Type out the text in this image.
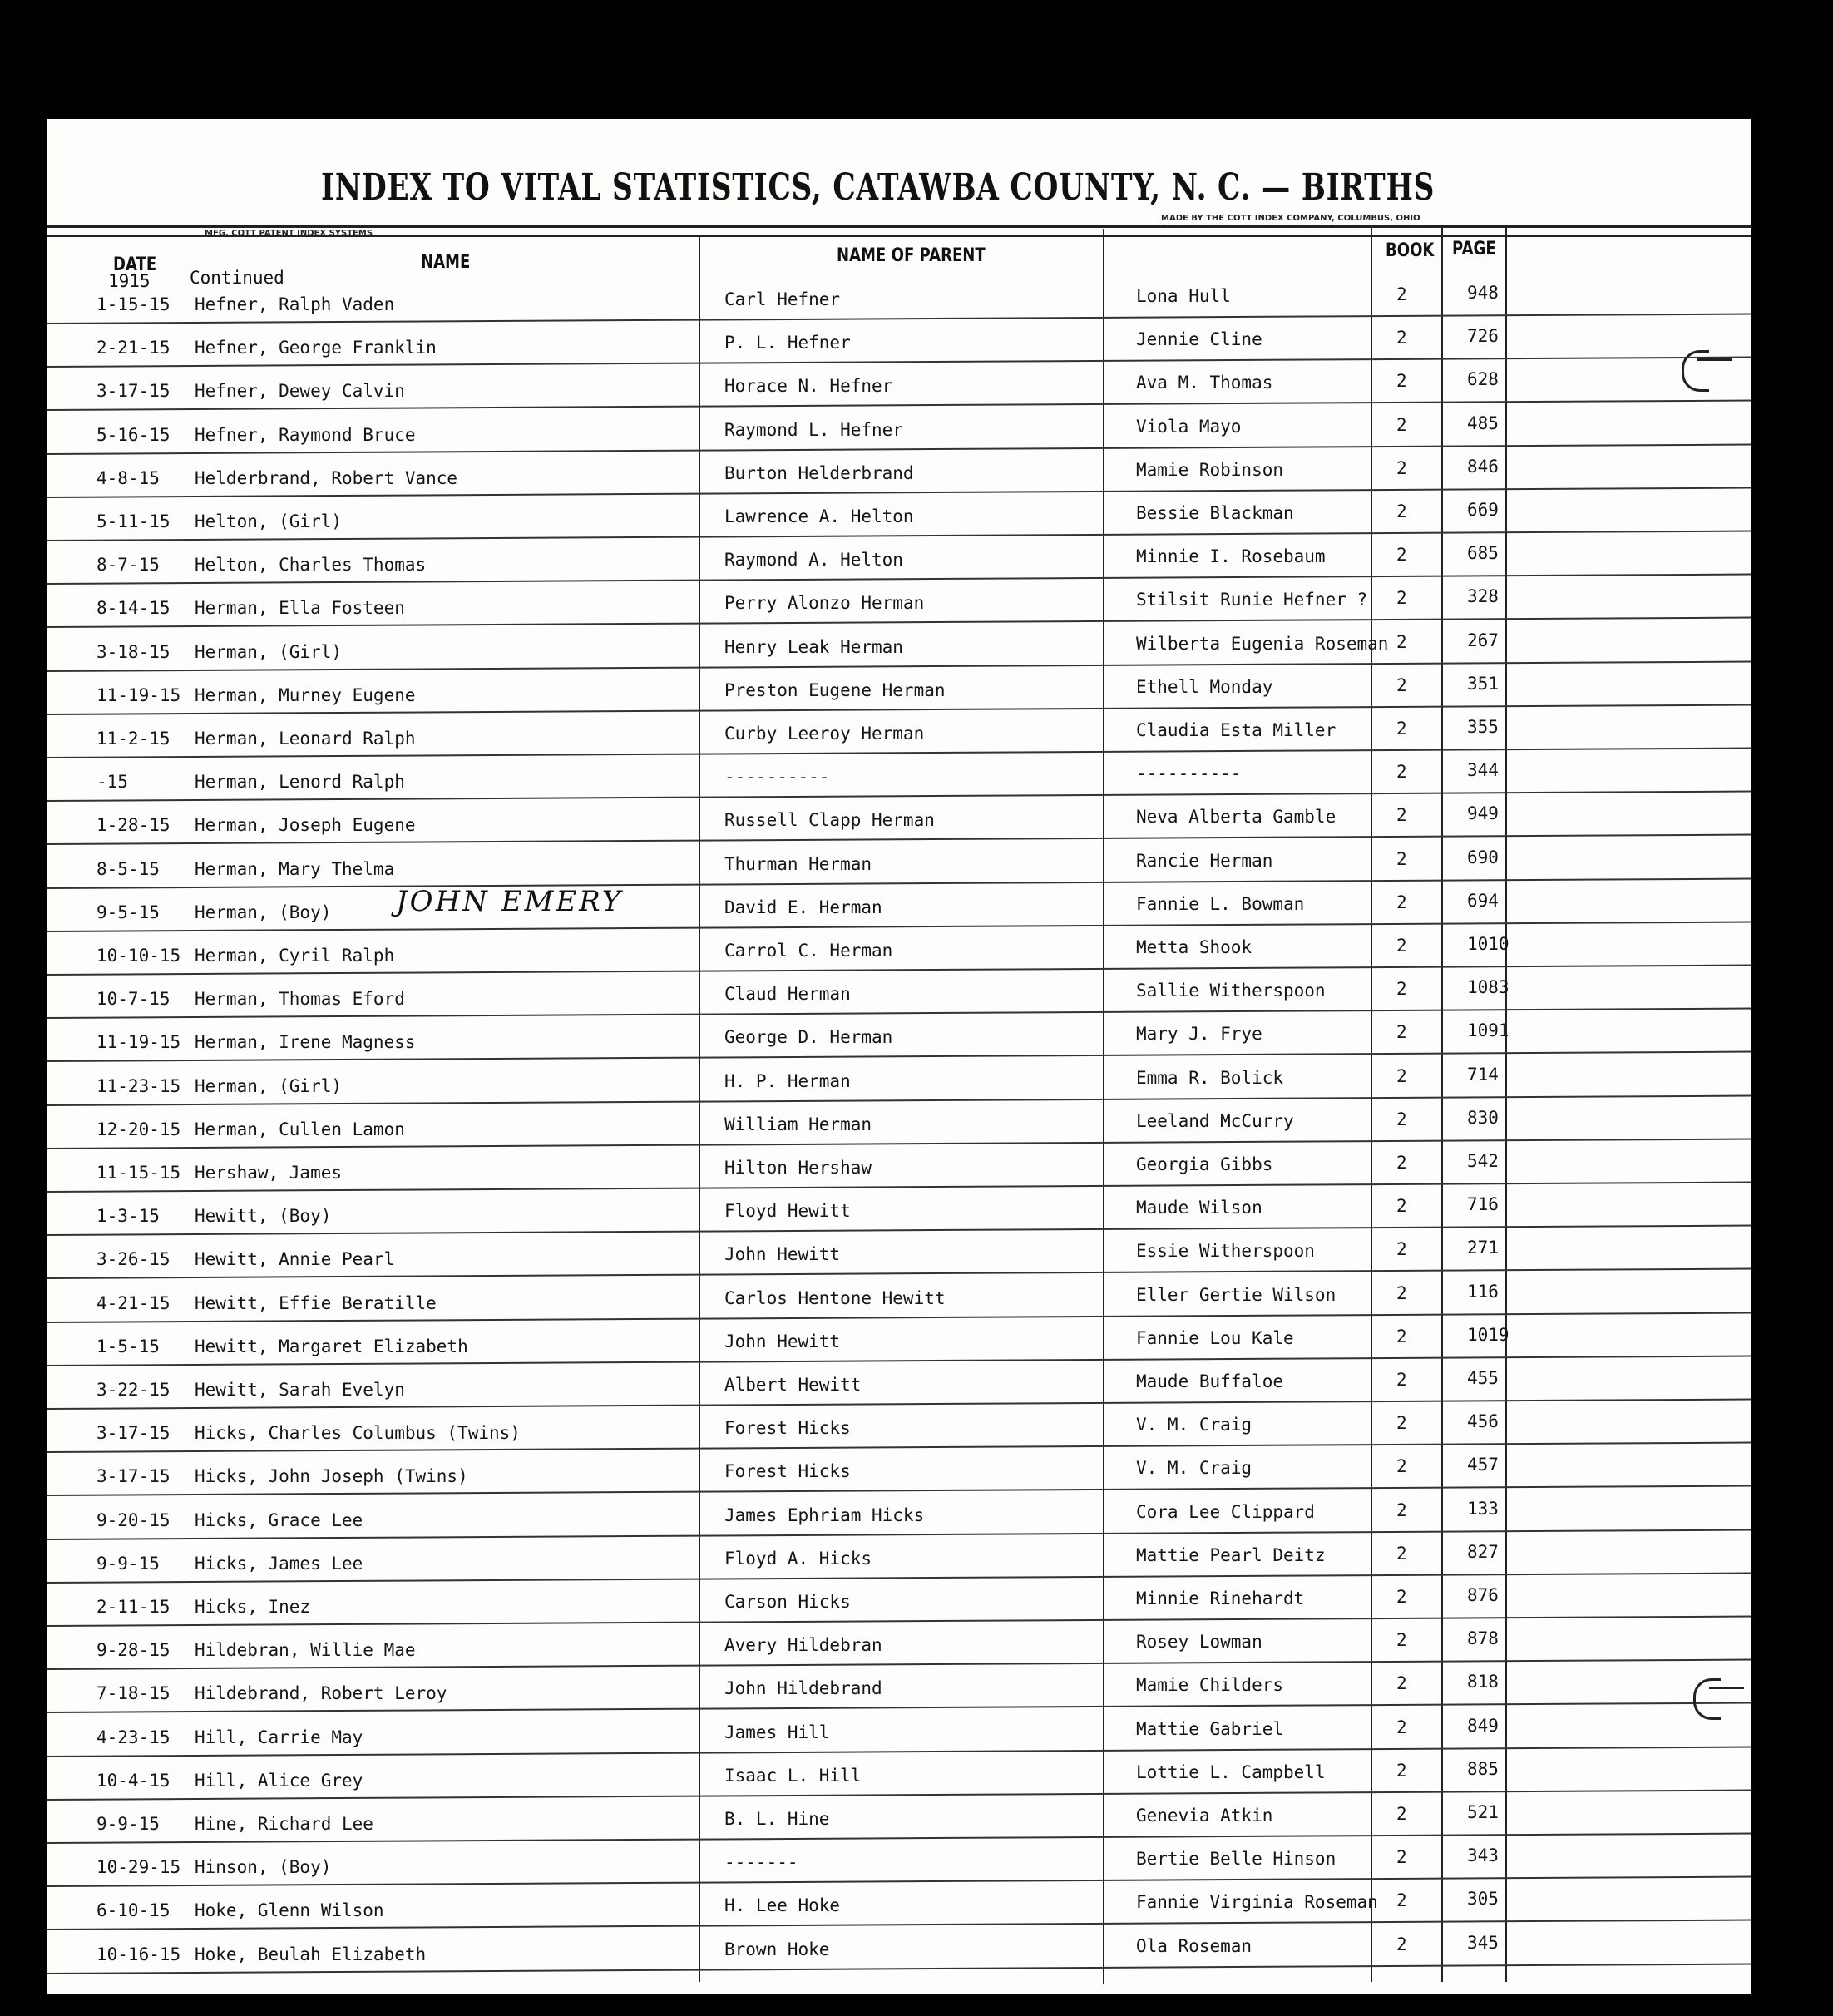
INDEX TO VITAL STATISTICS, CATAWBA COUNTY, N. C. — BIRTHS
MFG. COTT PATENT INDEX SYSTEMS
MADE BY THE COTT INDEX COMPANY, COLUMBUS, OHIO
DATE	NAME	NAME OF PARENT	BOOK PAGE
1915 Continued
1-15-15 Hefner, Ralph Vaden	Carl Hefner	Lona Hull	2	948
2-21-15 Hefner, George Franklin	P. L. Hefner	Jennie Cline	2	726
3-17-15 Hefner, Dewey Calvin	Horace N. Hefner	Ava M. Thomas	2	628
5-16-15 Hefner, Raymond Bruce	Raymond L. Hefner	Viola Mayo	2	485
4-8-15 Helderbrand, Robert Vance	Burton Helderbrand	Mamie Robinson	2	846
5-11-15 Helton, (Girl)	Lawrence A. Helton	Bessie Blackman	2	669
8-7-15 Helton, Charles Thomas	Raymond A. Helton	Minnie I. Rosebaum	2	685
8-14-15 Herman, Ella Fosteen	Perry Alonzo Herman	Stilsit Runie Hefner ? 2	328
3-18-15 Herman, (Girl)	Henry Leak Herman	Wilberta Eugenia Roseman 2	267
11-19-15 Herman, Murney Eugene	Preston Eugene Herman	Ethell Monday	2	351
11-2-15 Herman, Leonard Ralph	Curby Leeroy Herman	Claudia Esta Miller	2	355
-15	Herman, Lenord Ralph	----------	----------	2	344
1-28-15 Herman, Joseph Eugene	Russell Clapp Herman	Neva Alberta Gamble	2	949
8-5-15 Herman, Mary Thelma	Thurman Herman	Rancie Herman	2	690
9-5-15 Herman, (Boy)	David E. Herman	Fannie L. Bowman	2	694
10-10-15 Herman, Cyril Ralph	Carrol C. Herman	Metta Shook	2	1010
10-7-15 Herman, Thomas Eford	Claud Herman	Sallie Witherspoon	2	1083
11-19-15 Herman, Irene Magness	George D. Herman	Mary J. Frye	2	1091
11-23-15 Herman, (Girl)	H. P. Herman	Emma R. Bolick	2	714
12-20-15 Herman, Cullen Lamon	William Herman	Leeland McCurry	2	830
11-15-15 Hershaw, James	Hilton Hershaw	Georgia Gibbs	2	542
1-3-15 Hewitt, (Boy)	Floyd Hewitt	Maude Wilson	2	716
3-26-15 Hewitt, Annie Pearl	John Hewitt	Essie Witherspoon	2	271
4-21-15 Hewitt, Effie Beratille	Carlos Hentone Hewitt	Eller Gertie Wilson	2	116
1-5-15 Hewitt, Margaret Elizabeth	John Hewitt	Fannie Lou Kale	2	1019
3-22-15 Hewitt, Sarah Evelyn	Albert Hewitt	Maude Buffaloe	2	455
3-17-15 Hicks, Charles Columbus (Twins)	Forest Hicks	V. M. Craig	2	456
3-17-15 Hicks, John Joseph (Twins)	Forest Hicks	V. M. Craig	2	457
9-20-15 Hicks, Grace Lee	James Ephriam Hicks	Cora Lee Clippard	2	133
9-9-15 Hicks, James Lee	Floyd A. Hicks	Mattie Pearl Deitz	2	827
2-11-15 Hicks, Inez	Carson Hicks	Minnie Rinehardt	2	876
9-28-15 Hildebran, Willie Mae	Avery Hildebran	Rosey Lowman	2	878
7-18-15 Hildebrand, Robert Leroy	John Hildebrand	Mamie Childers	2	818
4-23-15 Hill, Carrie May	James Hill	Mattie Gabriel	2	849
10-4-15 Hill, Alice Grey	Isaac L. Hill	Lottie L. Campbell	2	885
9-9-15 Hine, Richard Lee	B. L. Hine	Genevia Atkin	2	521
10-29-15 Hinson, (Boy)	-------	Bertie Belle Hinson	2	343
6-10-15 Hoke, Glenn Wilson	H. Lee Hoke	Fannie Virginia Roseman 2	305
10-16-15 Hoke, Beulah Elizabeth	Brown Hoke	Ola Roseman	2	345
JOHN EMERY
